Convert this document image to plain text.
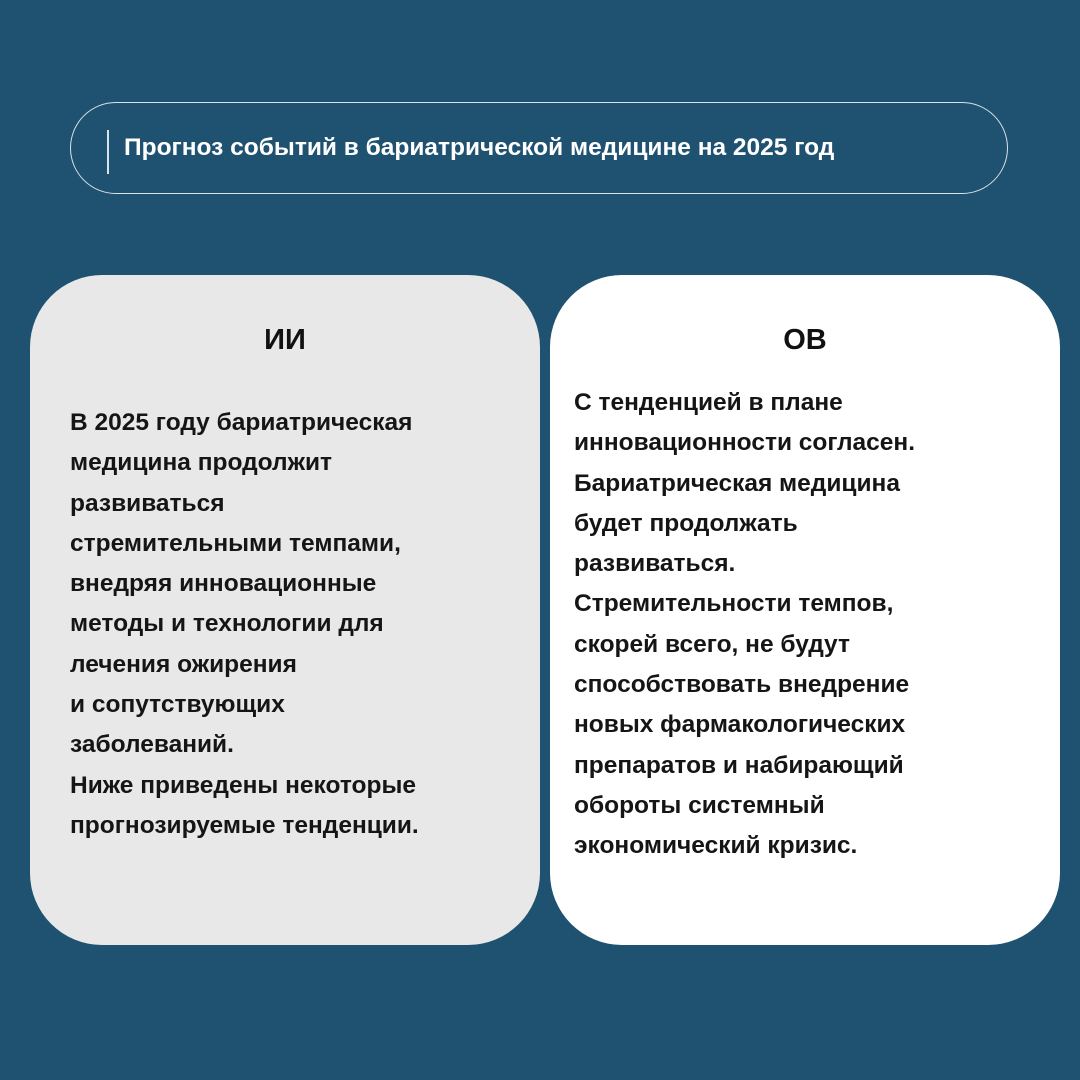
Прогноз событий в бариатрической медицине на 2025 год
ИИ
В 2025 году бариатрическая
медицина продолжит
развиваться
стремительными темпами,
внедряя инновационные
методы и технологии для
лечения ожирения
и сопутствующих
заболеваний.
Ниже приведены некоторые
прогнозируемые тенденции.
ОВ
С тенденцией в плане
инновационности согласен.
Бариатрическая медицина
будет продолжать
развиваться.
Стремительности темпов,
скорей всего, не будут
способствовать внедрение
новых фармакологических
препаратов и набирающий
обороты системный
экономический кризис.
